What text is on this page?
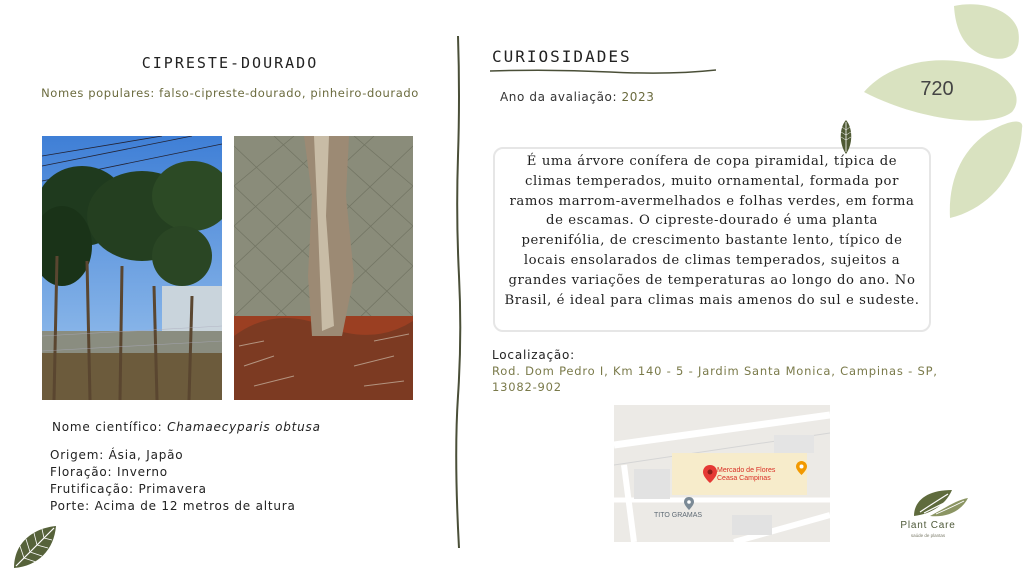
CIPRESTE-DOURADO
Nomes populares: falso-cipreste-dourado, pinheiro-dourado
Nome científico: Chamaecyparis obtusa
Origem: Ásia, Japão
Floração: Inverno
Frutificação: Primavera
Porte: Acima de 12 metros de altura
CURIOSIDADES
Ano da avaliação: 2023
É uma árvore conífera de copa piramidal, típica de climas temperados, muito ornamental, formada por ramos marrom-avermelhados e folhas verdes, em forma de escamas. O cipreste-dourado é uma planta perenifólia, de crescimento bastante lento, típico de locais ensolarados de climas temperados, sujeitos a grandes variações de temperaturas ao longo do ano. No Brasil, é ideal para climas mais amenos do sul e sudeste.
Localização:
Rod. Dom Pedro I, Km 140 - 5 - Jardim Santa Monica, Campinas - SP, 13082-902
Mercado de Flores
Ceasa Campinas
TITO GRAMAS
720
Plant Care
saúde de plantas
